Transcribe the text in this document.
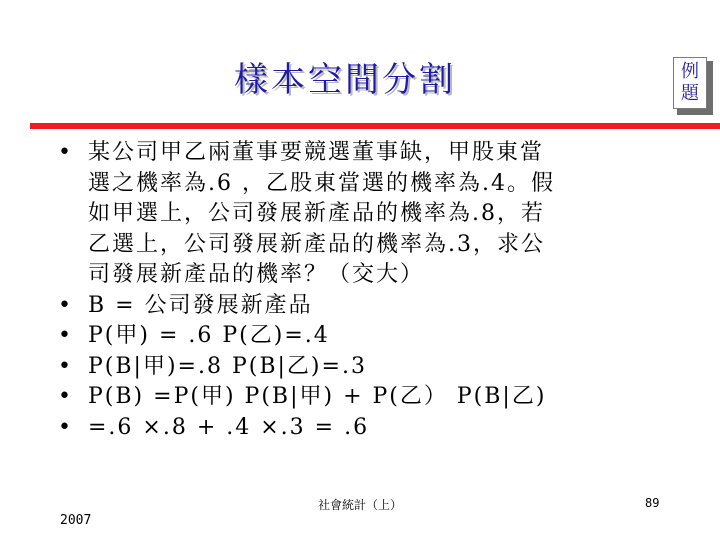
樣本空間分割	例題
• 某公司甲乙兩董事要競選董事缺，甲股東當
選之機率為.6 ，乙股東當選的機率為.4。假
如甲選上，公司發展新產品的機率為.8，若
乙選上，公司發展新產品的機率為.3，求公
司發展新產品的機率？（交大）
• B = 公司發展新產品
• P(甲) = .6 P(乙)=.4
• P(B|甲)=.8 P(B|乙)=.3
• P(B) =P(甲) P(B|甲) + P(乙） P(B|乙)
• =.6 ×.8 + .4 ×.3 = .6
社會統計（上）
2007
89
